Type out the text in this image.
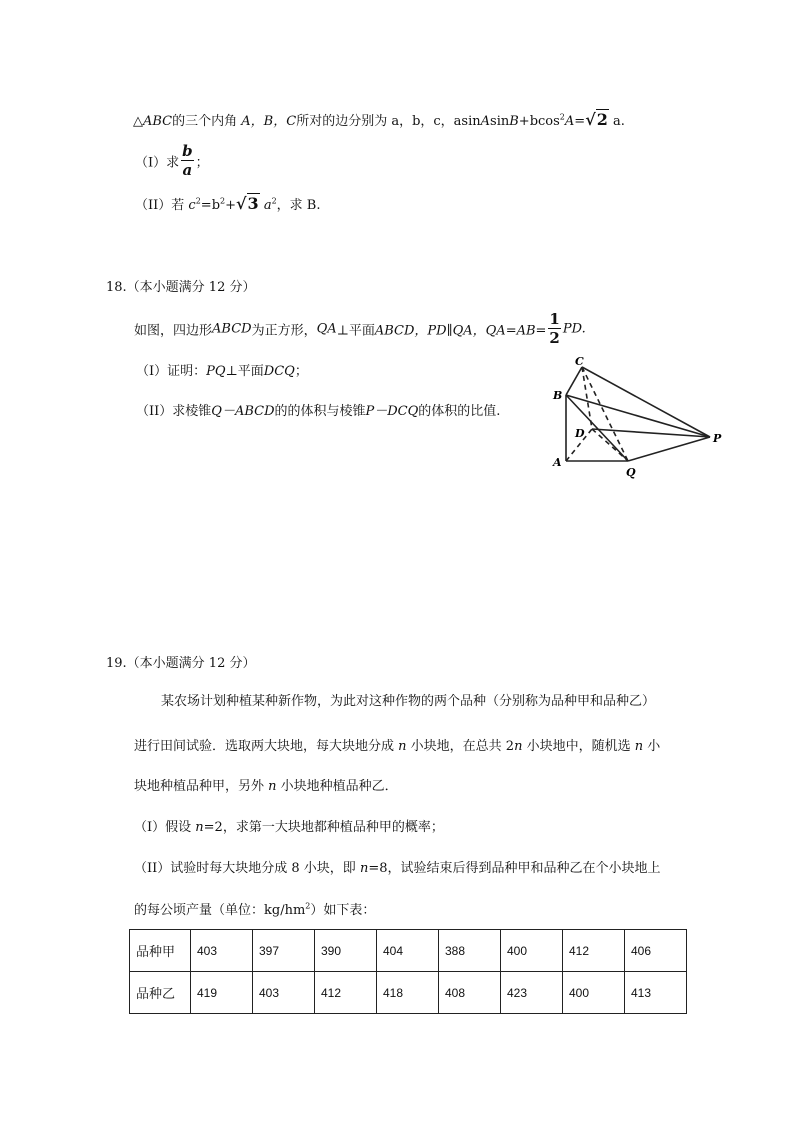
△ABC的三个内角 A，B，C所对的边分别为 a，b，c，asinAsinB+bcos$^2$A=√2 a.
（I）求 $\frac{b}{a}$ ；
（II）若 $c^2=b^2+√3$ $a^2$，求 B.
18.（本小题满分 12 分）
如图，四边形ABCD为正方形，QA⊥平面ABCD，PD∥QA，$QA=AB= \frac{1}{2}$ PD.
（I）证明：PQ⊥平面DCQ；
（II）求棱锥Q－ABCD的的体积与棱锥P－DCQ的体积的比值.
C
B
D
A
Q
P
19.（本小题满分 12 分）
某农场计划种植某种新作物，为此对这种作物的两个品种（分别称为品种甲和品种乙）
进行田间试验．选取两大块地，每大块地分成 n 小块地，在总共 2n 小块地中，随机选 n 小
块地种植品种甲，另外 n 小块地种植品种乙．
（I）假设 n=2，求第一大块地都种植品种甲的概率；
（II）试验时每大块地分成 8 小块，即 n=8，试验结束后得到品种甲和品种乙在个小块地上
的每公顷产量（单位：$kg/hm^2$）如下表：
品种甲	403	397	390	404	388	400	412	406
品种乙	419	403	412	418	408	423	400	413
